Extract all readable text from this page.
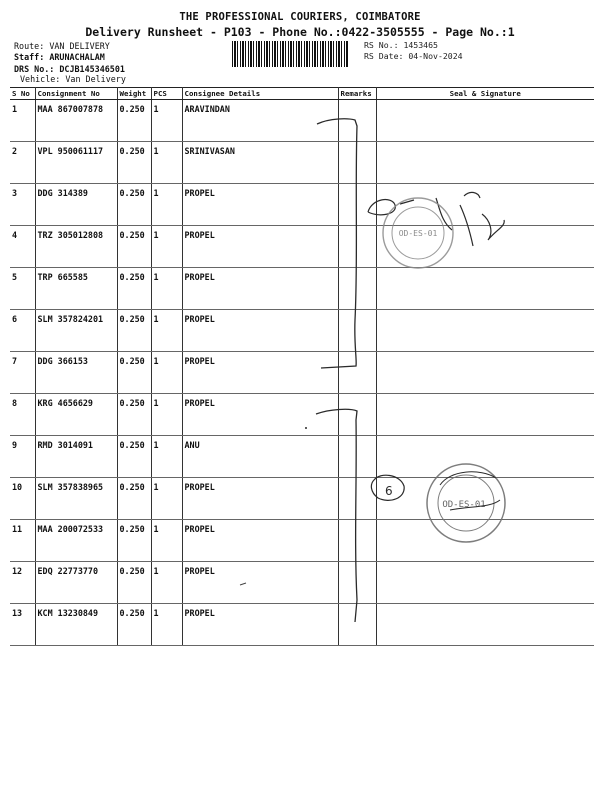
THE PROFESSIONAL COURIERS, COIMBATORE
Delivery Runsheet - P103 - Phone No.:0422-3505555 - Page No.:1
Route: VAN DELIVERY
Staff: ARUNACHALAM
DRS No.: DCJB145346501
Vehicle: Van Delivery
RS No.: 1453465
RS Date: 04-Nov-2024
S No	Consignment No	Weight	PCS	Consignee Details	Remarks	Seal & Signature
1	MAA 867007878	0.250	1	ARAVINDAN		
2	VPL 950061117	0.250	1	SRINIVASAN		
3	DDG 314389	0.250	1	PROPEL		
4	TRZ 305012808	0.250	1	PROPEL		
5	TRP 665585	0.250	1	PROPEL		
6	SLM 357824201	0.250	1	PROPEL		
7	DDG 366153	0.250	1	PROPEL		
8	KRG 4656629	0.250	1	PROPEL		
9	RMD 3014091	0.250	1	ANU		
10	SLM 357838965	0.250	1	PROPEL		
11	MAA 200072533	0.250	1	PROPEL		
12	EDQ 22773770	0.250	1	PROPEL		
13	KCM 13230849	0.250	1	PROPEL		
OD-ES-01
6
OD-ES-01
